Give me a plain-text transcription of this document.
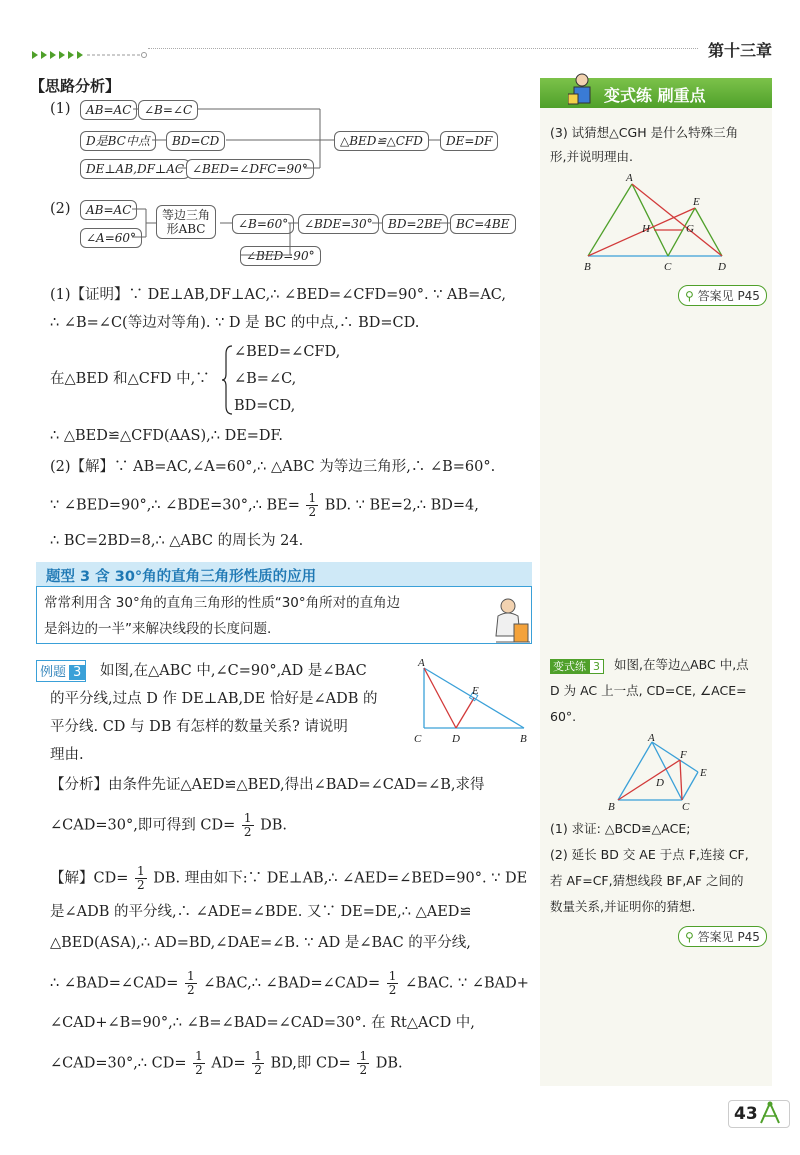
第十三章
【思路分析】
(1)	AB=AC	∠B=∠C
D是BC中点	BD=CD
DE⊥AB,DF⊥AC ∠BED=∠DFC=90°
△BED≌△CFD	DE=DF
(2)	AB=AC
∠A=60°
等边三角
形ABC	∠B=60°	∠BDE=30°	BD=2BE	BC=4BE
∠BED=90°
(1)【证明】∵ DE⊥AB,DF⊥AC,∴ ∠BED=∠CFD=90°. ∵ AB=AC,
∴ ∠B=∠C(等边对等角). ∵ D 是 BC 的中点,∴ BD=CD.
在△BED 和△CFD 中,∵
∠BED=∠CFD,
∠B=∠C,
BD=CD,
∴ △BED≌△CFD(AAS),∴ DE=DF.
(2)【解】∵ AB=AC,∠A=60°,∴ △ABC 为等边三角形,∴ ∠B=60°.
∵ ∠BED=90°,∴ ∠BDE=30°,∴ $BE= \frac{1}{2}$ BD. ∵ BE=2,∴ BD=4,
∴ BC=2BD=8,∴ △ABC 的周长为 24.
题型 3 含 30°角的直角三角形性质的应用
常常利用含 30°角的直角三角形的性质“30°角所对的直角边
是斜边的一半”来解决线段的长度问题.
例题 3	如图,在△ABC 中,∠C=90°,AD 是∠BAC
的平分线,过点 D 作 DE⊥AB,DE 恰好是∠ADB 的
平分线. CD 与 DB 有怎样的数量关系? 请说明
理由.
A
C	D
E
B
【分析】由条件先证△AED≌△BED,得出∠BAD=∠CAD=∠B,求得
∠CAD=30°,即可得到 $CD= \frac{1}{2}$ DB.
【解】$CD= \frac{1}{2}$ DB. 理由如下:∵ DE⊥AB,∴ ∠AED=∠BED=90°. ∵ DE
是∠ADB 的平分线,∴ ∠ADE=∠BDE. 又∵ DE=DE,∴ △AED≌
△BED(ASA),∴ AD=BD,∠DAE=∠B. ∵ AD 是∠BAC 的平分线,
∴ ∠BAD=∠CAD= $\frac{1}{2}$ ∠BAC,∴ ∠BAD=∠CAD= $\frac{1}{2}$ ∠BAC. ∵ ∠BAD+
∠CAD+∠B=90°,∴ ∠B=∠BAD=∠CAD=30°. 在 Rt△ACD 中,
∠CAD=30°,∴ $CD= \frac{1}{2} AD= \frac{1}{2}$ BD,即 $CD= \frac{1}{2}$ DB.
变式练 刷重点
(3) 试猜想△CGH 是什么特殊三角
形,并说明理由.
A
B	C	D
E
G
H
⚲ 答案见 P45
变式练 3	如图,在等边△ABC 中,点
D 为 AC 上一点, CD=CE, ∠ACE=
60°.
A
B	C
D
E
F
(1) 求证: △BCD≌△ACE;
(2) 延长 BD 交 AE 于点 F,连接 CF,
若 AF=CF,猜想线段 BF,AF 之间的
数量关系,并证明你的猜想.
⚲ 答案见 P45
43
